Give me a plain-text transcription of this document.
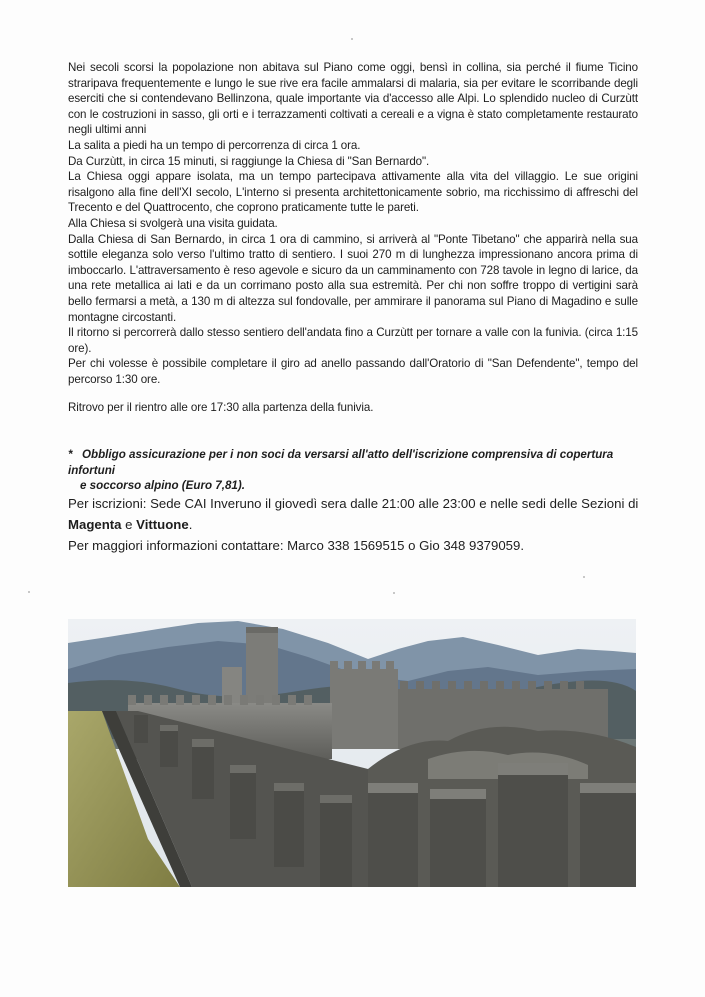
Nei secoli scorsi la popolazione non abitava sul Piano come oggi, bensì in collina, sia perché il fiume Ticino straripava frequentemente e lungo le sue rive era facile ammalarsi di malaria, sia per evitare le scorribande degli eserciti che si contendevano Bellinzona, quale importante via d'accesso alle Alpi. Lo splendido nucleo di Curzùtt con le costruzioni in sasso, gli orti e i terrazzamenti coltivati a cereali e a vigna è stato completamente restaurato negli ultimi anni

La salita a piedi ha un tempo di percorrenza di circa 1 ora.

Da Curzùtt, in circa 15 minuti, si raggiunge la Chiesa di "San Bernardo".

La Chiesa oggi appare isolata, ma un tempo partecipava attivamente alla vita del villaggio. Le sue origini risalgono alla fine dell'XI secolo, L'interno si presenta architettonicamente sobrio, ma ricchissimo di affreschi del Trecento e del Quattrocento, che coprono praticamente tutte le pareti.

Alla Chiesa si svolgerà una visita guidata.

Dalla Chiesa di San Bernardo, in circa 1 ora di cammino, si arriverà al "Ponte Tibetano" che apparirà nella sua sottile eleganza solo verso l'ultimo tratto di sentiero. I suoi 270 m di lunghezza impressionano ancora prima di imboccarlo. L'attraversamento è reso agevole e sicuro da un camminamento con 728 tavole in legno di larice, da una rete metallica ai lati e da un corrimano posto alla sua estremità. Per chi non soffre troppo di vertigini sarà bello fermarsi a metà, a 130 m di altezza sul fondovalle, per ammirare il panorama sul Piano di Magadino e sulle montagne circostanti.

Il ritorno si percorrerà dallo stesso sentiero dell'andata fino a Curzùtt per tornare a valle con la funivia. (circa 1:15 ore).

Per chi volesse è possibile completare il giro ad anello passando dall'Oratorio di "San Defendente", tempo del percorso 1:30 ore.

Ritrovo per il rientro alle ore 17:30 alla partenza della funivia.

* Obbligo assicurazione per i non soci da versarsi all'atto dell'iscrizione comprensiva di copertura infortuni
e soccorso alpino (Euro 7,81).

Per iscrizioni: Sede CAI Inveruno il giovedì sera dalle 21:00 alle 23:00 e nelle sedi delle Sezioni di

Magenta e Vittuone.

Per maggiori informazioni contattare: Marco 338 1569515 o Gio 348 9379059.
